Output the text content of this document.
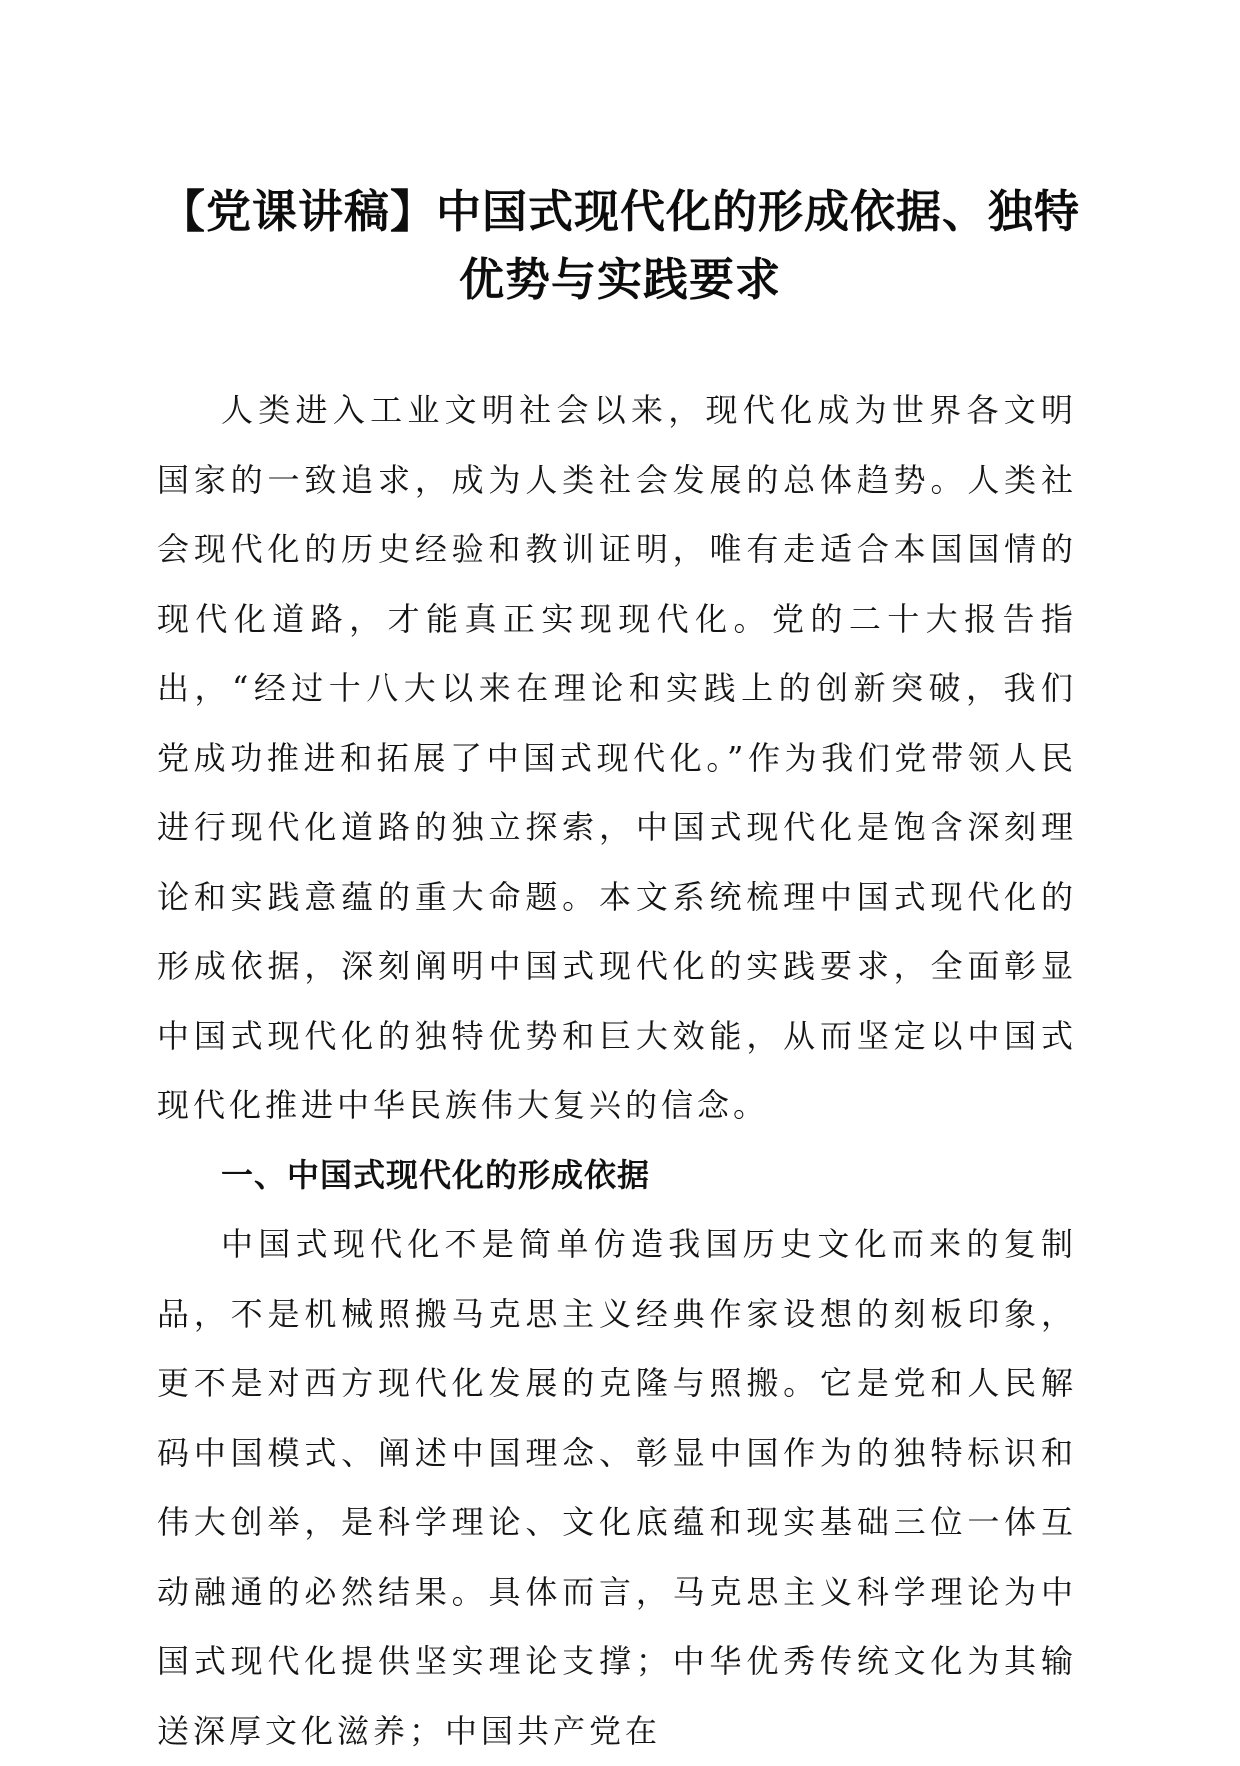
【党课讲稿】中国式现代化的形成依据、独特
优势与实践要求

人类进入工业文明社会以来，现代化成为世界各文明国家的一致追求，成为人类社会发展的总体趋势。人类社会现代化的历史经验和教训证明，唯有走适合本国国情的现代化道路，才能真正实现现代化。党的二十大报告指出，“经过十八大以来在理论和实践上的创新突破，我们党成功推进和拓展了中国式现代化。”作为我们党带领人民进行现代化道路的独立探索，中国式现代化是饱含深刻理论和实践意蕴的重大命题。本文系统梳理中国式现代化的形成依据，深刻阐明中国式现代化的实践要求，全面彰显中国式现代化的独特优势和巨大效能，从而坚定以中国式现代化推进中华民族伟大复兴的信念。

一、中国式现代化的形成依据

中国式现代化不是简单仿造我国历史文化而来的复制品，不是机械照搬马克思主义经典作家设想的刻板印象，更不是对西方现代化发展的克隆与照搬。它是党和人民解码中国模式、阐述中国理念、彰显中国作为的独特标识和伟大创举，是科学理论、文化底蕴和现实基础三位一体互动融通的必然结果。具体而言，马克思主义科学理论为中国式现代化提供坚实理论支撑；中华优秀传统文化为其输送深厚文化滋养；中国共产党在
